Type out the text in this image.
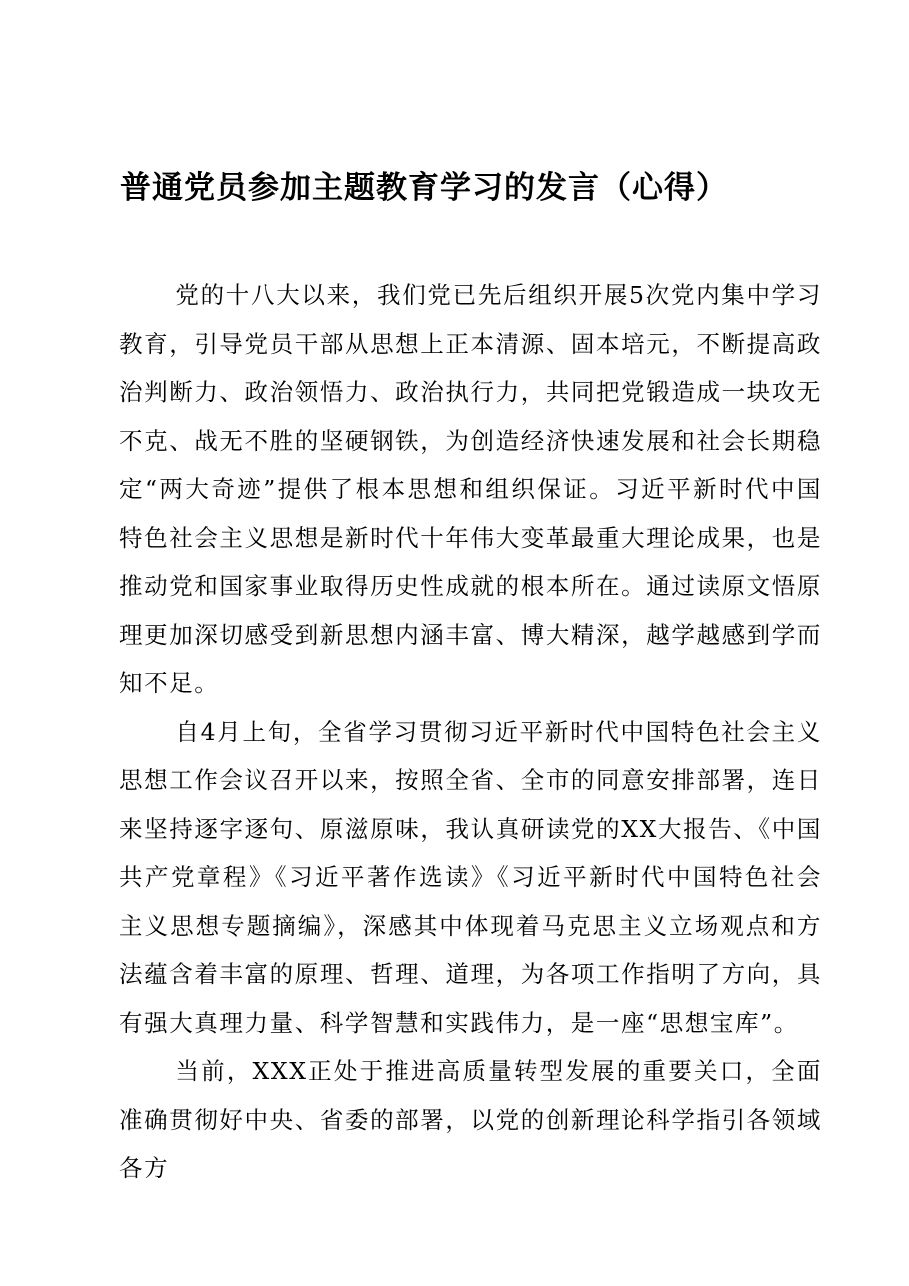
普通党员参加主题教育学习的发言（心得）

党的十八大以来，我们党已先后组织开展5次党内集中学习教育，引导党员干部从思想上正本清源、固本培元，不断提高政治判断力、政治领悟力、政治执行力，共同把党锻造成一块攻无不克、战无不胜的坚硬钢铁，为创造经济快速发展和社会长期稳定“两大奇迹”提供了根本思想和组织保证。习近平新时代中国特色社会主义思想是新时代十年伟大变革最重大理论成果，也是推动党和国家事业取得历史性成就的根本所在。通过读原文悟原理更加深切感受到新思想内涵丰富、博大精深，越学越感到学而知不足。

自4月上旬，全省学习贯彻习近平新时代中国特色社会主义思想工作会议召开以来，按照全省、全市的同意安排部署，连日来坚持逐字逐句、原滋原味，我认真研读党的XX大报告、《中国共产党章程》《习近平著作选读》《习近平新时代中国特色社会主义思想专题摘编》，深感其中体现着马克思主义立场观点和方法蕴含着丰富的原理、哲理、道理，为各项工作指明了方向，具有强大真理力量、科学智慧和实践伟力，是一座“思想宝库”。

当前，XXX正处于推进高质量转型发展的重要关口，全面准确贯彻好中央、省委的部署，以党的创新理论科学指引各领域各方
